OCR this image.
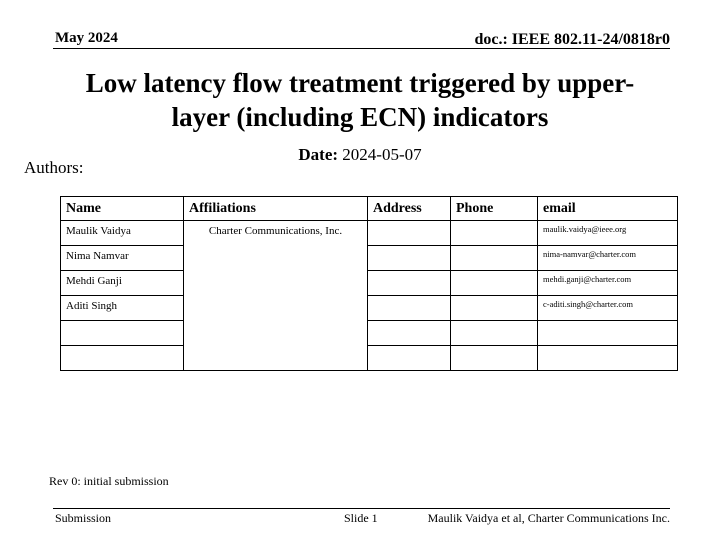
May 2024	doc.: IEEE 802.11-24/0818r0
Low latency flow treatment triggered by upper-
layer (including ECN) indicators
Date: 2024-05-07
Authors:
Name	Affiliations	Address	Phone	email
Maulik Vaidya	Charter Communications, Inc.			maulik.vaidya@ieee.org
Nima Namvar				nima-namvar@charter.com
Mehdi Ganji				mehdi.ganji@charter.com
Aditi Singh				c-aditi.singh@charter.com

Rev 0: initial submission
Submission	Slide 1	Maulik Vaidya et al, Charter Communications Inc.
